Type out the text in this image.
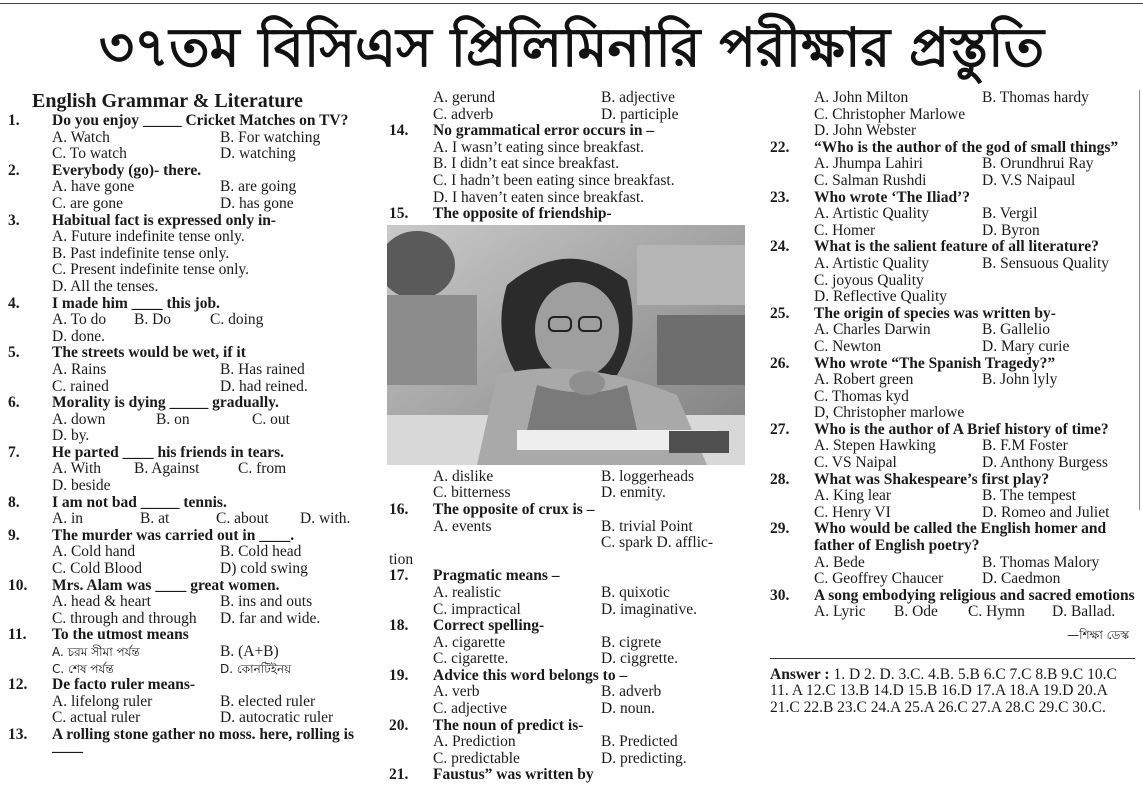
৩৭তম বিসিএস প্রিলিমিনারি পরীক্ষার প্রস্তুতি
English Grammar & Literature
1. Do you enjoy _____ Cricket Matches on TV?
A. Watch	B. For watching
C. To watch	D. watching
2. Everybody (go)- there.
A. have gone	B. are going
C. are gone	D. has gone
3. Habitual fact is expressed only in-
A. Future indefinite tense only.
B. Past indefinite tense only.
C. Present indefinite tense only.
D. All the tenses.
4. I made him ____ this job.
A. To do	B. Do	C. doing
D. done.
5. The streets would be wet, if it
A. Rains	B. Has rained
C. rained	D. had reined.
6. Morality is dying _____ gradually.
A. down	B. on	C. out
D. by.
7. He parted ____ his friends in tears.
A. With	B. Against	C. from
D. beside
8. I am not bad _____ tennis.
A. in	B. at	C. about	D. with.
9. The murder was carried out in ____.
A. Cold hand	B. Cold head
C. Cold Blood	D) cold swing
10. Mrs. Alam was ____ great women.
A. head & heart	B. ins and outs
C. through and through	D. far and wide.
11. To the utmost means
A. চরম সীমা পর্যন্ত	B. (A+B)
C. শেষ পর্যন্ত	D. কোনটিইনয়
12. De facto ruler means-
A. lifelong ruler	B. elected ruler
C. actual ruler	D. autocratic ruler
13. A rolling stone gather no moss. here, rolling is ——
A. gerund	B. adjective
C. adverb	D. participle
14. No grammatical error occurs in –
A. I wasn’t eating since breakfast.
B. I didn’t eat since breakfast.
C. I hadn’t been eating since breakfast.
D. I haven’t eaten since breakfast.
15. The opposite of friendship-
A. dislike	B. loggerheads
C. bitterness	D. enmity.
16. The opposite of crux is –
A. events	B. trivial Point
C. spark D. afflic-
tion
17. Pragmatic means –
A. realistic	B. quixotic
C. impractical	D. imaginative.
18. Correct spelling-
A. cigarette	B. cigrete
C. cigarette.	D. ciggrette.
19. Advice this word belongs to –
A. verb	B. adverb
C. adjective	D. noun.
20. The noun of predict is-
A. Prediction	B. Predicted
C. predictable	D. predicting.
21. Faustus” was written by
A. John Milton	B. Thomas hardy
C. Christopher Marlowe
D. John Webster
22. “Who is the author of the god of small things”
A. Jhumpa Lahiri	B. Orundhrui Ray
C. Salman Rushdi	D. V.S Naipaul
23. Who wrote ‘The Iliad’?
A. Artistic Quality	B. Vergil
C. Homer	D. Byron
24. What is the salient feature of all literature?
A. Artistic Quality	B. Sensuous Quality
C. joyous Quality
D. Reflective Quality
25. The origin of species was written by-
A. Charles Darwin	B. Gallelio
C. Newton	D. Mary curie
26. Who wrote “The Spanish Tragedy?”
A. Robert green	B. John lyly
C. Thomas kyd
D, Christopher marlowe
27. Who is the author of A Brief history of time?
A. Stepen Hawking	B. F.M Foster
C. VS Naipal	D. Anthony Burgess
28. What was Shakespeare’s first play?
A. King lear	B. The tempest
C. Henry VI	D. Romeo and Juliet
29. Who would be called the English homer and father of English poetry?
A. Bede	B. Thomas Malory
C. Geoffrey Chaucer	D. Caedmon
30. A song embodying religious and sacred emotions
A. Lyric	B. Ode	C. Hymn	D. Ballad.
—শিক্ষা ডেস্ক
Answer : 1. D 2. D. 3.C. 4.B. 5.B 6.C 7.C 8.B 9.C 10.C 11. A 12.C 13.B 14.D 15.B 16.D 17.A 18.A 19.D 20.A 21.C 22.B 23.C 24.A 25.A 26.C 27.A 28.C 29.C 30.C.
